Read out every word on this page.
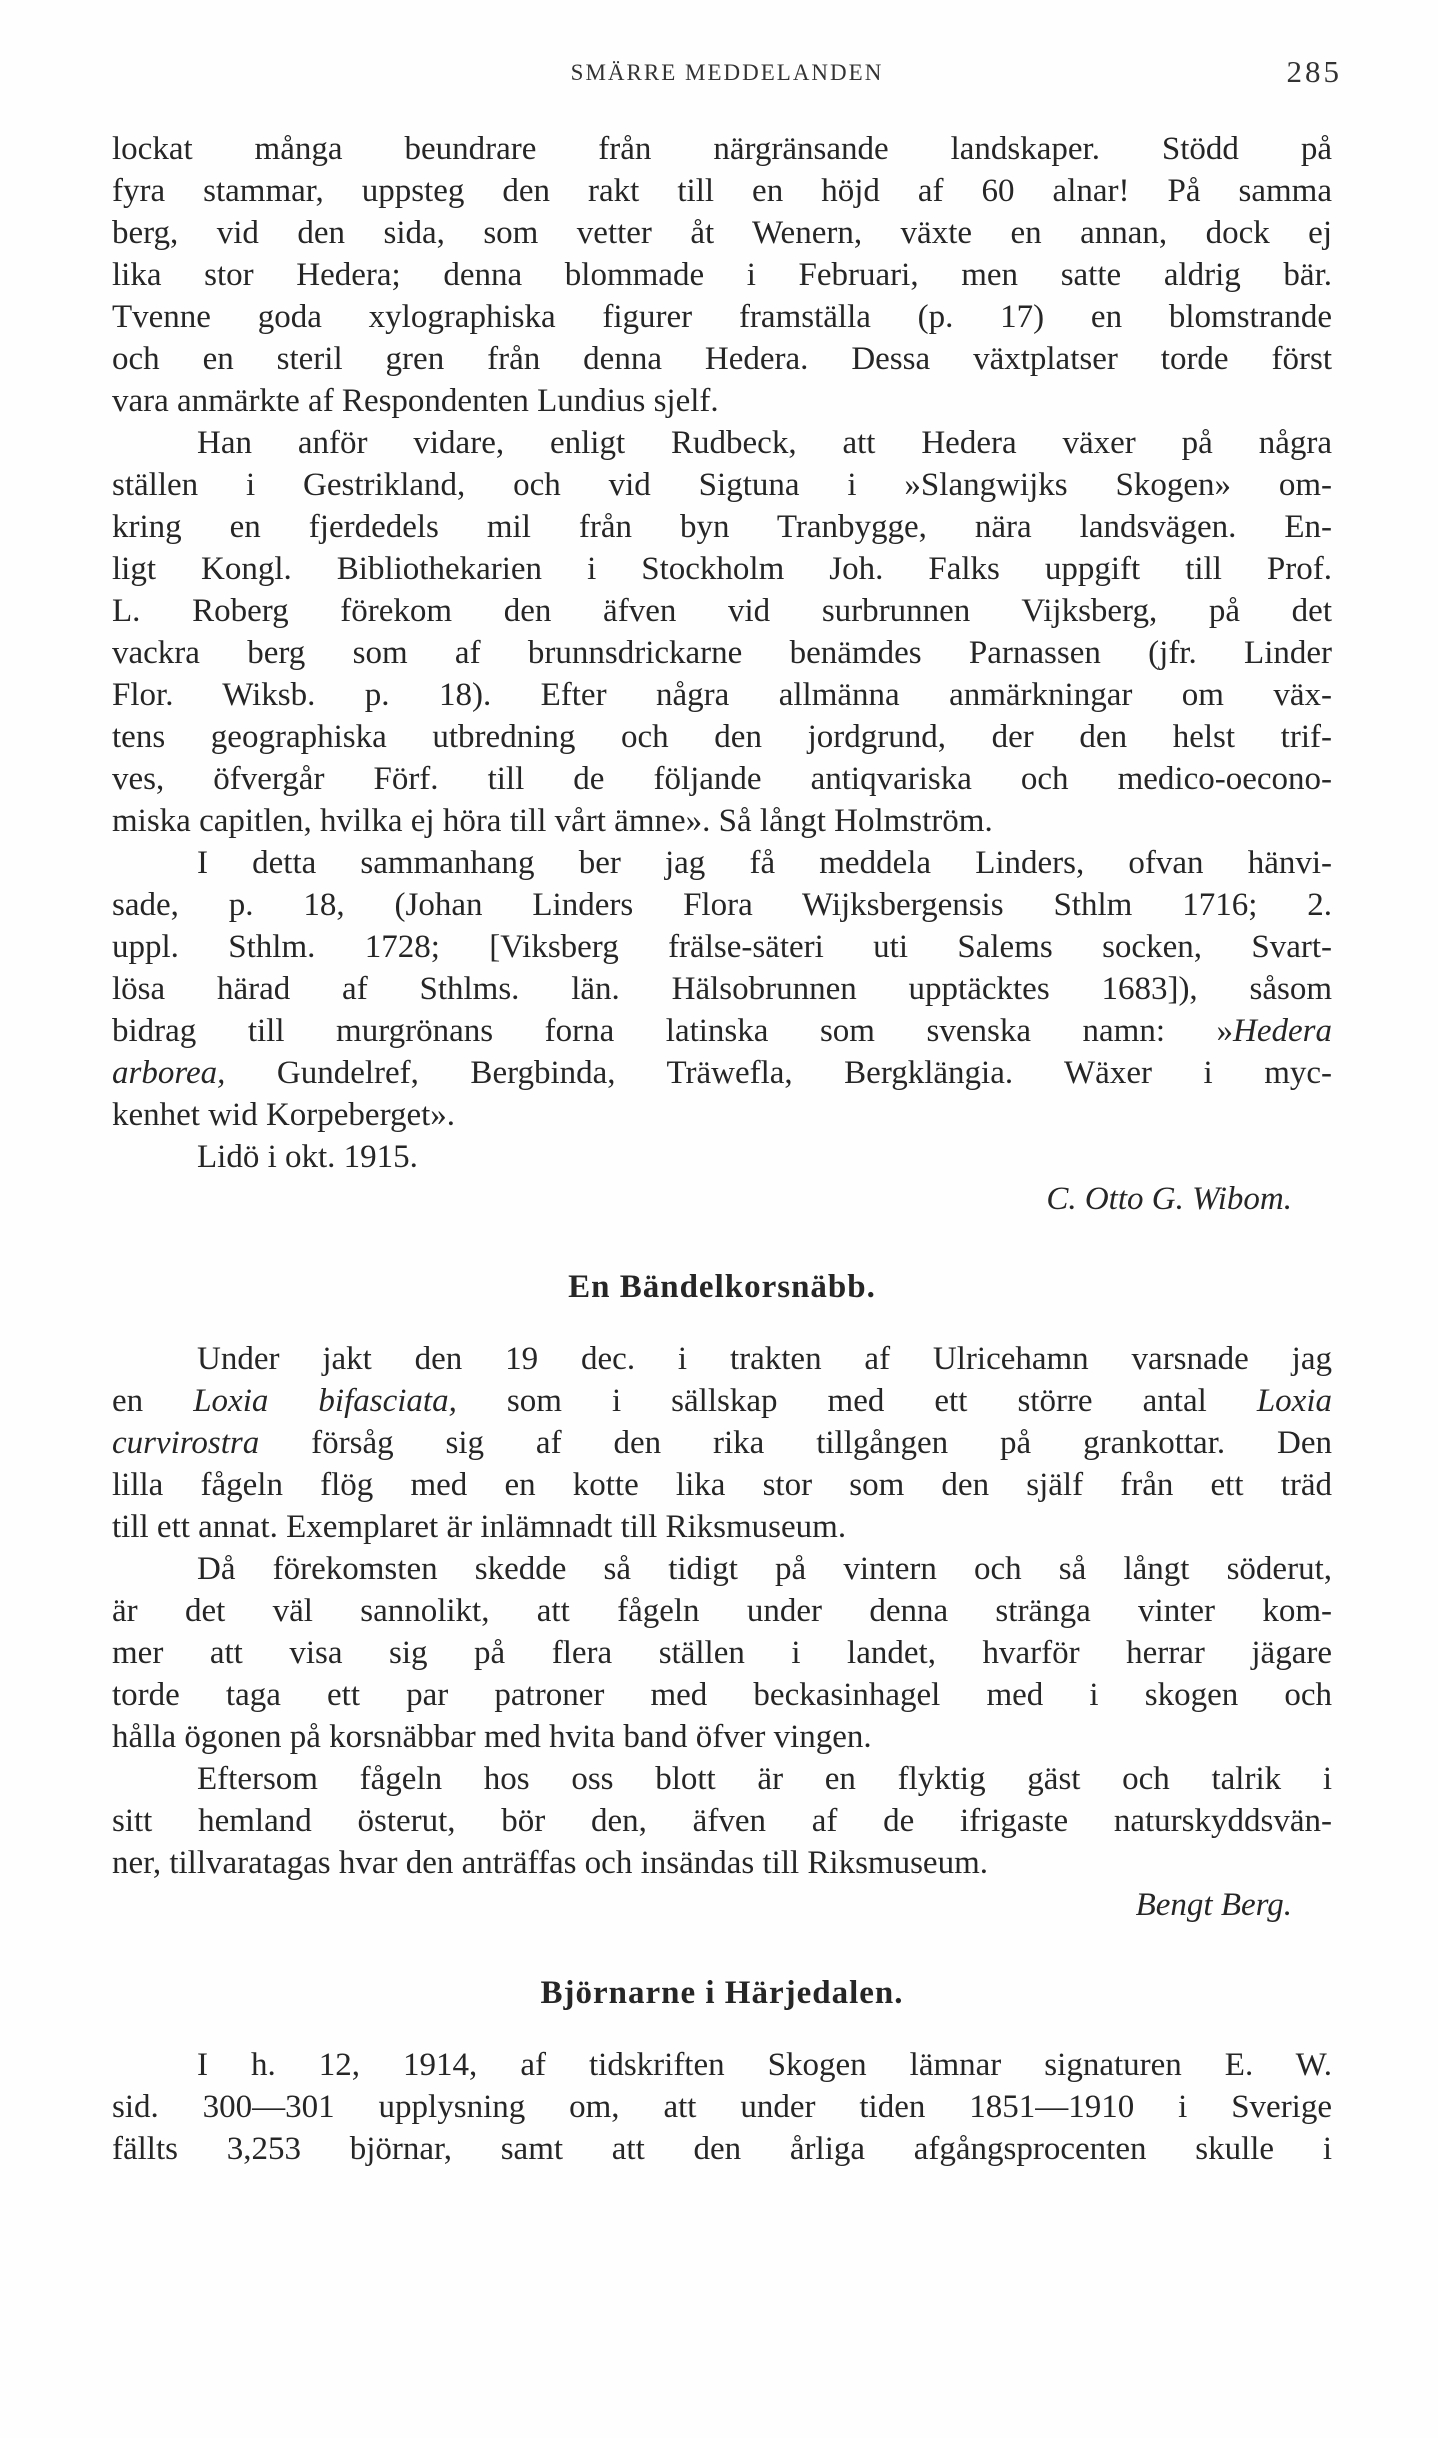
SMÄRRE MEDDELANDEN	285
lockat många beundrare från närgränsande landskaper. Stödd på
fyra stammar, uppsteg den rakt till en höjd af 60 alnar! På samma
berg, vid den sida, som vetter åt Wenern, växte en annan, dock ej
lika stor Hedera; denna blommade i Februari, men satte aldrig bär.
Tvenne goda xylographiska figurer framställa (p. 17) en blomstrande
och en steril gren från denna Hedera. Dessa växtplatser torde först
vara anmärkte af Respondenten Lundius sjelf.
Han anför vidare, enligt Rudbeck, att Hedera växer på några
ställen i Gestrikland, och vid Sigtuna i »Slangwijks Skogen» om-
kring en fjerdedels mil från byn Tranbygge, nära landsvägen. En-
ligt Kongl. Bibliothekarien i Stockholm Joh. Falks uppgift till Prof.
L. Roberg förekom den äfven vid surbrunnen Vijksberg, på det
vackra berg som af brunnsdrickarne benämdes Parnassen (jfr. Linder
Flor. Wiksb. p. 18). Efter några allmänna anmärkningar om väx-
tens geographiska utbredning och den jordgrund, der den helst trif-
ves, öfvergår Förf. till de följande antiqvariska och medico-oecono-
miska capitlen, hvilka ej höra till vårt ämne». Så långt Holmström.
I detta sammanhang ber jag få meddela Linders, ofvan hänvi-
sade, p. 18, (Johan Linders Flora Wijksbergensis Sthlm 1716; 2.
uppl. Sthlm. 1728; [Viksberg frälse-säteri uti Salems socken, Svart-
lösa härad af Sthlms. län. Hälsobrunnen upptäcktes 1683]), såsom
bidrag till murgrönans forna latinska som svenska namn: »Hedera
arborea, Gundelref, Bergbinda, Träwefla, Bergklängia. Wäxer i myc-
kenhet wid Korpeberget».
Lidö i okt. 1915.
C. Otto G. Wibom.
En Bändelkorsnäbb.
Under jakt den 19 dec. i trakten af Ulricehamn varsnade jag
en Loxia bifasciata, som i sällskap med ett större antal Loxia
curvirostra försåg sig af den rika tillgången på grankottar. Den
lilla fågeln flög med en kotte lika stor som den själf från ett träd
till ett annat. Exemplaret är inlämnadt till Riksmuseum.
Då förekomsten skedde så tidigt på vintern och så långt söderut,
är det väl sannolikt, att fågeln under denna stränga vinter kom-
mer att visa sig på flera ställen i landet, hvarför herrar jägare
torde taga ett par patroner med beckasinhagel med i skogen och
hålla ögonen på korsnäbbar med hvita band öfver vingen.
Eftersom fågeln hos oss blott är en flyktig gäst och talrik i
sitt hemland österut, bör den, äfven af de ifrigaste naturskyddsvän-
ner, tillvaratagas hvar den anträffas och insändas till Riksmuseum.
Bengt Berg.
Björnarne i Härjedalen.
I h. 12, 1914, af tidskriften Skogen lämnar signaturen E. W.
sid. 300—301 upplysning om, att under tiden 1851—1910 i Sverige
fällts 3,253 björnar, samt att den årliga afgångsprocenten skulle i
